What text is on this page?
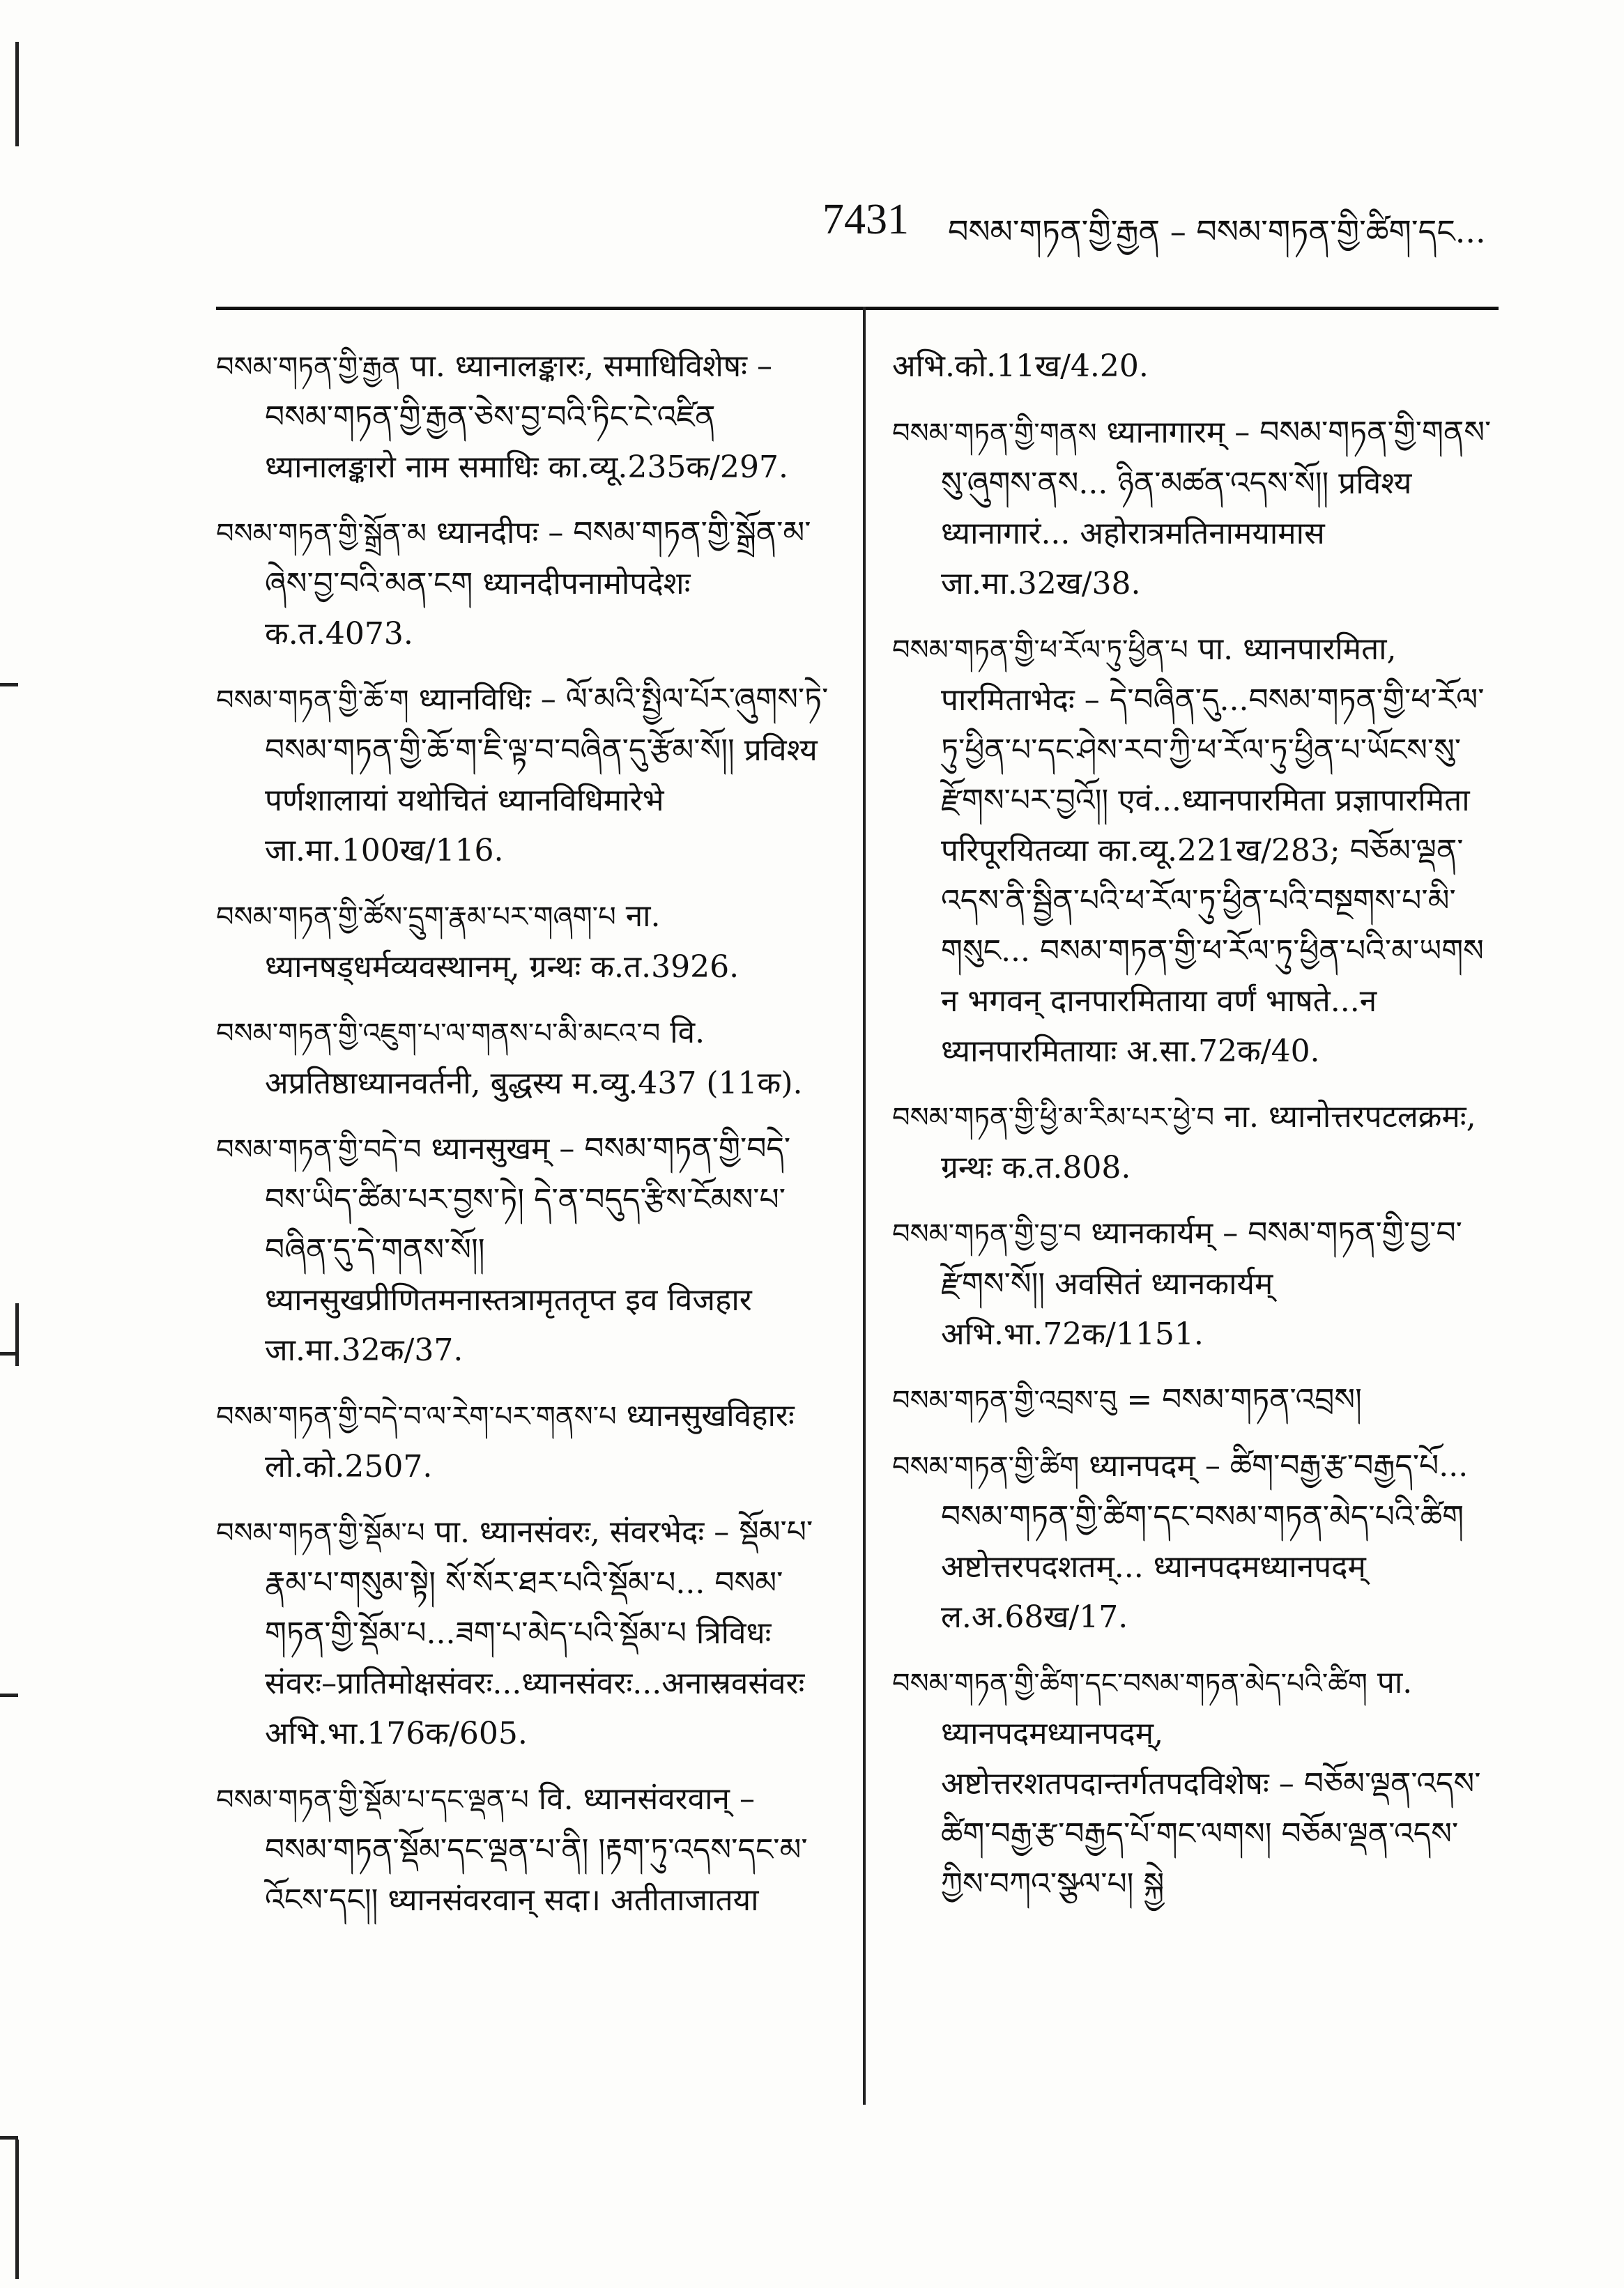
7431 བསམ་གཏན་གྱི་རྒྱན – བསམ་གཏན་གྱི་ཚིག་དང...
བསམ་གཏན་གྱི་རྒྱན पा. ध्यानालङ्कारः, समाधिविशेषः – བསམ་གཏན་གྱི་རྒྱན་ཅེས་བྱ་བའི་ཏིང་ངེ་འཛིན ध्यानालङ्कारो नाम समाधिः का.व्यू.235क/297.
བསམ་གཏན་གྱི་སྒྲོན་མ ध्यानदीपः – བསམ་གཏན་གྱི་སྒྲོན་མ་ཞེས་བྱ་བའི་མན་ངག ध्यानदीपनामोपदेशः क.त.4073.
བསམ་གཏན་གྱི་ཆོ་ག ध्यानविधिः – ལོ་མའི་སྤྱིལ་པོར་ཞུགས་ཏེ་བསམ་གཏན་གྱི་ཆོ་ག་ཇི་ལྟ་བ་བཞིན་དུ་རྩོམ་སོ།། प्रविश्य पर्णशालायां यथोचितं ध्यानविधिमारेभे जा.मा.100ख/116.
བསམ་གཏན་གྱི་ཚོས་དྲུག་རྣམ་པར་གཞག་པ ना. ध्यानषड्धर्मव्यवस्थानम्, ग्रन्थः क.त.3926.
བསམ་གཏན་གྱི་འཇུག་པ་ལ་གནས་པ་མི་མངའ་བ वि. अप्रतिष्ठाध्यानवर्तनी, बुद्धस्य म.व्यु.437 (11क).
བསམ་གཏན་གྱི་བདེ་བ ध्यानसुखम् – བསམ་གཏན་གྱི་བདེ་བས་ཡིད་ཚིམ་པར་བྱས་ཏེ། དེ་ན་བདུད་རྩིས་ངོམས་པ་བཞིན་དུ་དེ་གནས་སོ།། ध्यानसुखप्रीणितमनास्तत्रामृततृप्त इव विजहार जा.मा.32क/37.
བསམ་གཏན་གྱི་བདེ་བ་ལ་རེག་པར་གནས་པ ध्यानसुखविहारः लो.को.2507.
བསམ་གཏན་གྱི་སྡོམ་པ पा. ध्यानसंवरः, संवरभेदः – སྡོམ་པ་རྣམ་པ་གསུམ་སྟེ། སོ་སོར་ཐར་པའི་སྡོམ་པ... བསམ་གཏན་གྱི་སྡོམ་པ...ཟག་པ་མེད་པའི་སྡོམ་པ त्रिविधः संवरः–प्रातिमोक्षसंवरः...ध्यानसंवरः...अनास्रवसंवरः अभि.भा.176क/605.
བསམ་གཏན་གྱི་སྡོམ་པ་དང་ལྡན་པ वि. ध्यानसंवरवान् – བསམ་གཏན་སྡོམ་དང་ལྡན་པ་ནི། །རྟག་ཏུ་འདས་དང་མ་འོངས་དང།། ध्यानसंवरवान् सदा। अतीताजातया
अभि.को.11ख/4.20.
བསམ་གཏན་གྱི་གནས ध्यानागारम् – བསམ་གཏན་གྱི་གནས་སུ་ཞུགས་ནས... ཉིན་མཚན་འདས་སོ།། प्रविश्य ध्यानागारं... अहोरात्रमतिनामयामास जा.मा.32ख/38.
བསམ་གཏན་གྱི་ཕ་རོལ་ཏུ་ཕྱིན་པ पा. ध्यानपारमिता, पारमिताभेदः – དེ་བཞིན་དུ...བསམ་གཏན་གྱི་ཕ་རོལ་ཏུ་ཕྱིན་པ་དང་ཤེས་རབ་ཀྱི་ཕ་རོལ་ཏུ་ཕྱིན་པ་ཡོངས་སུ་རྫོགས་པར་བྱའོ།། एवं...ध्यानपारमिता प्रज्ञापारमिता परिपूरयितव्या का.व्यू.221ख/283; བཅོམ་ལྡན་འདས་ནི་སྦྱིན་པའི་ཕ་རོལ་ཏུ་ཕྱིན་པའི་བསྔགས་པ་མི་གསུང... བསམ་གཏན་གྱི་ཕ་རོལ་ཏུ་ཕྱིན་པའི་མ་ཡགས न भगवन् दानपारमिताया वर्णं भाषते...न ध्यानपारमितायाः अ.सा.72क/40.
བསམ་གཏན་གྱི་ཕྱི་མ་རིམ་པར་ཕྱེ་བ ना. ध्यानोत्तरपटलक्रमः, ग्रन्थः क.त.808.
བསམ་གཏན་གྱི་བྱ་བ ध्यानकार्यम् – བསམ་གཏན་གྱི་བྱ་བ་རྫོགས་སོ།། अवसितं ध्यानकार्यम् अभि.भा.72क/1151.
བསམ་གཏན་གྱི་འབྲས་བུ = བསམ་གཏན་འབྲས།
བསམ་གཏན་གྱི་ཚིག ध्यानपदम् – ཚིག་བརྒྱ་རྩ་བརྒྱད་པོ... བསམ་གཏན་གྱི་ཚིག་དང་བསམ་གཏན་མེད་པའི་ཚིག अष्टोत्तरपदशतम्... ध्यानपदमध्यानपदम् ल.अ.68ख/17.
བསམ་གཏན་གྱི་ཚིག་དང་བསམ་གཏན་མེད་པའི་ཚིག पा. ध्यानपदमध्यानपदम्, अष्टोत्तरशतपदान्तर्गतपदविशेषः – བཅོམ་ལྡན་འདས་ཚིག་བརྒྱ་རྩ་བརྒྱད་པོ་གང་ལགས། བཅོམ་ལྡན་འདས་ཀྱིས་བཀའ་སྩལ་པ། སྐྱེ
